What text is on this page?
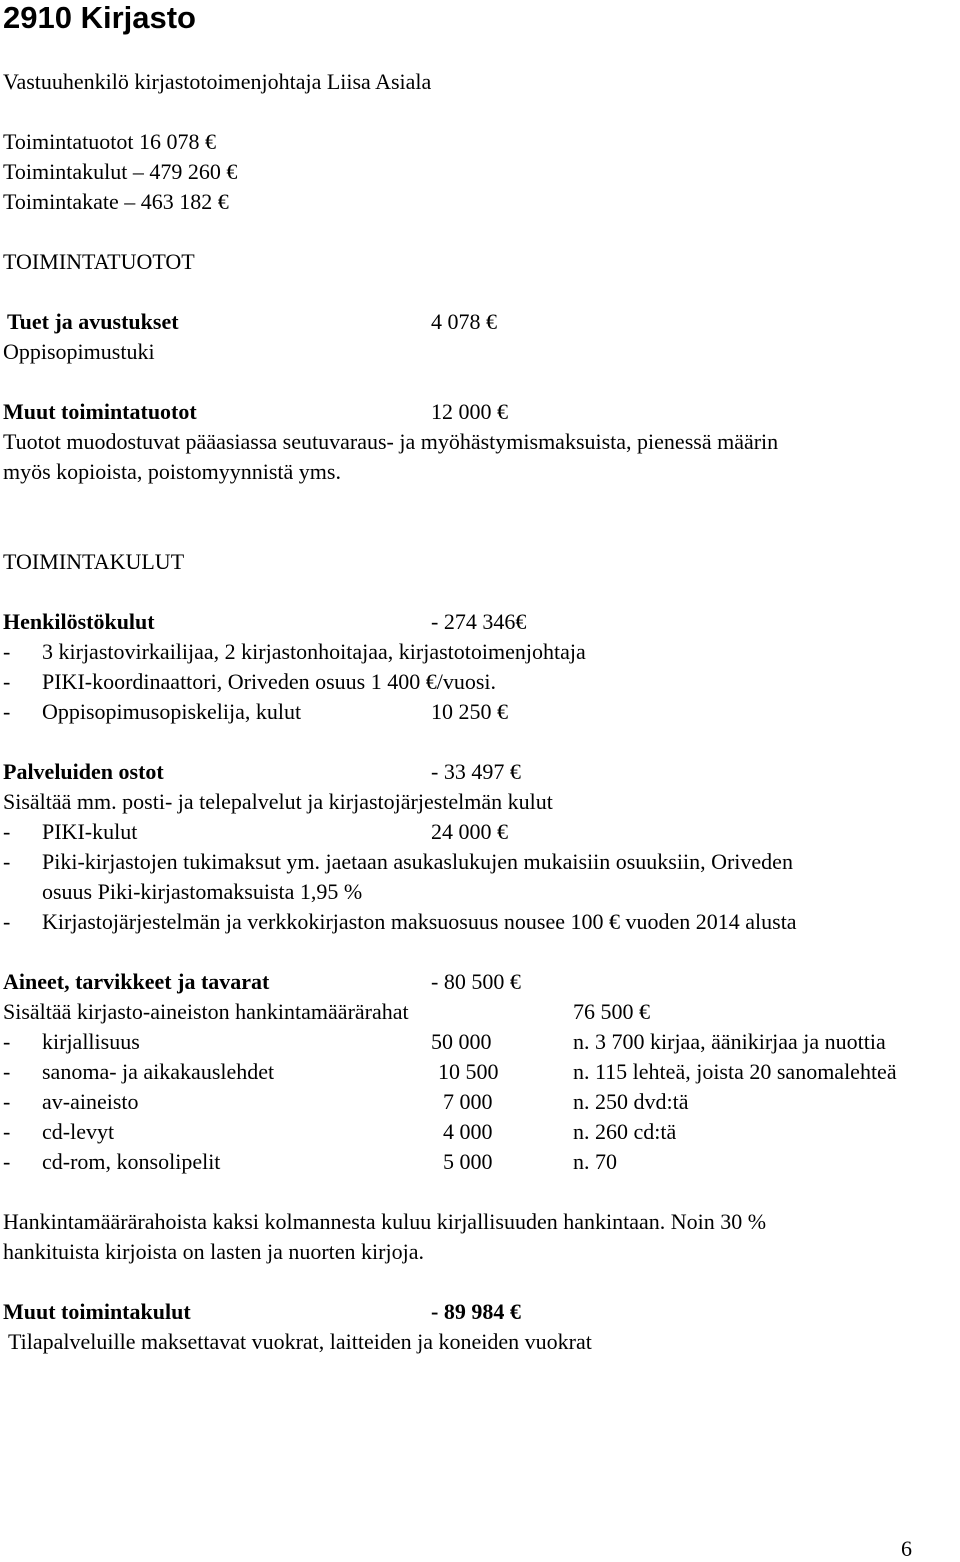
2910 Kirjasto
Vastuuhenkilö kirjastotoimenjohtaja Liisa Asiala
Toimintatuotot 16 078 €
Toimintakulut – 479 260 €
Toimintakate – 463 182 €
TOIMINTATUOTOT
Tuet ja avustukset	4 078 €
Oppisopimustuki
Muut toimintatuotot	12 000 €
Tuotot muodostuvat pääasiassa seutuvaraus- ja myöhästymismaksuista, pienessä määrin
myös kopioista, poistomyynnistä yms.
TOIMINTAKULUT
Henkilöstökulut	- 274 346€
- 3 kirjastovirkailijaa, 2 kirjastonhoitajaa, kirjastotoimenjohtaja
- PIKI-koordinaattori, Oriveden osuus 1 400 €/vuosi.
- Oppisopimusopiskelija, kulut	10 250 €
Palveluiden ostot	- 33 497 €
Sisältää mm. posti- ja telepalvelut ja kirjastojärjestelmän kulut
- PIKI-kulut	24 000 €
- Piki-kirjastojen tukimaksut ym. jaetaan asukaslukujen mukaisiin osuuksiin, Oriveden
osuus Piki-kirjastomaksuista 1,95 %
- Kirjastojärjestelmän ja verkkokirjaston maksuosuus nousee 100 € vuoden 2014 alusta
Aineet, tarvikkeet ja tavarat	- 80 500 €
Sisältää kirjasto-aineiston hankintamäärärahat	76 500 €
- kirjallisuus	50 000	n. 3 700 kirjaa, äänikirjaa ja nuottia
- sanoma- ja aikakauslehdet	10 500	n. 115 lehteä, joista 20 sanomalehteä
- av-aineisto	7 000	n. 250 dvd:tä
- cd-levyt	4 000	n. 260 cd:tä
- cd-rom, konsolipelit	5 000	n. 70
Hankintamäärärahoista kaksi kolmannesta kuluu kirjallisuuden hankintaan. Noin 30 %
hankituista kirjoista on lasten ja nuorten kirjoja.
Muut toimintakulut	- 89 984 €
Tilapalveluille maksettavat vuokrat, laitteiden ja koneiden vuokrat
6
